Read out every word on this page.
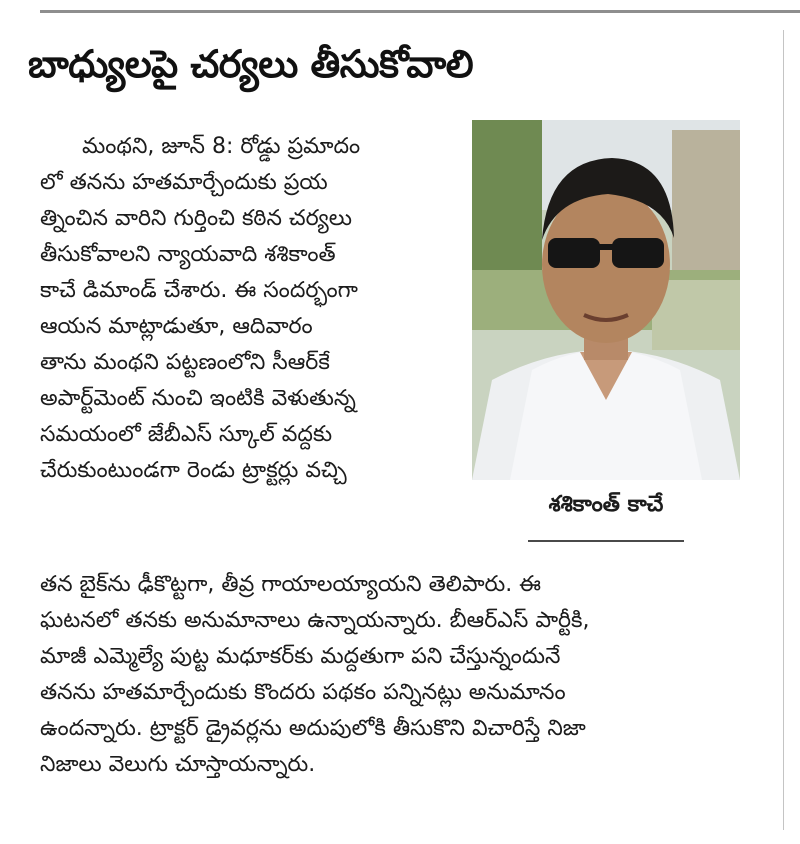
బాధ్యులపై చర్యలు తీసుకోవాలి
మంథని, జూన్ 8: రోడ్డు ప్రమాదం
లో తనను హతమార్చేందుకు ప్రయ
త్నించిన వారిని గుర్తించి కఠిన చర్యలు
తీసుకోవాలని న్యాయవాది శశికాంత్
కాచే డిమాండ్ చేశారు. ఈ సందర్భంగా
ఆయన మాట్లాడుతూ, ఆదివారం
తాను మంథని పట్టణంలోని సీఆర్‌కే
అపార్ట్‌మెంట్ నుంచి ఇంటికి వెళుతున్న
సమయంలో జేబీఎస్ స్కూల్ వద్దకు
చేరుకుంటుండగా రెండు ట్రాక్టర్లు వచ్చి
తన బైక్‌ను ఢీకొట్టగా, తీవ్ర గాయాలయ్యాయని తెలిపారు. ఈ
ఘటనలో తనకు అనుమానాలు ఉన్నాయన్నారు. బీఆర్ఎస్ పార్టీకి,
మాజీ ఎమ్మెల్యే పుట్ట మధూకర్‌కు మద్దతుగా పని చేస్తున్నందునే
తనను హతమార్చేందుకు కొందరు పథకం పన్నినట్లు అనుమానం
ఉందన్నారు. ట్రాక్టర్ డ్రైవర్లను అదుపులోకి తీసుకొని విచారిస్తే నిజా
నిజాలు వెలుగు చూస్తాయన్నారు.
శశికాంత్ కాచే
